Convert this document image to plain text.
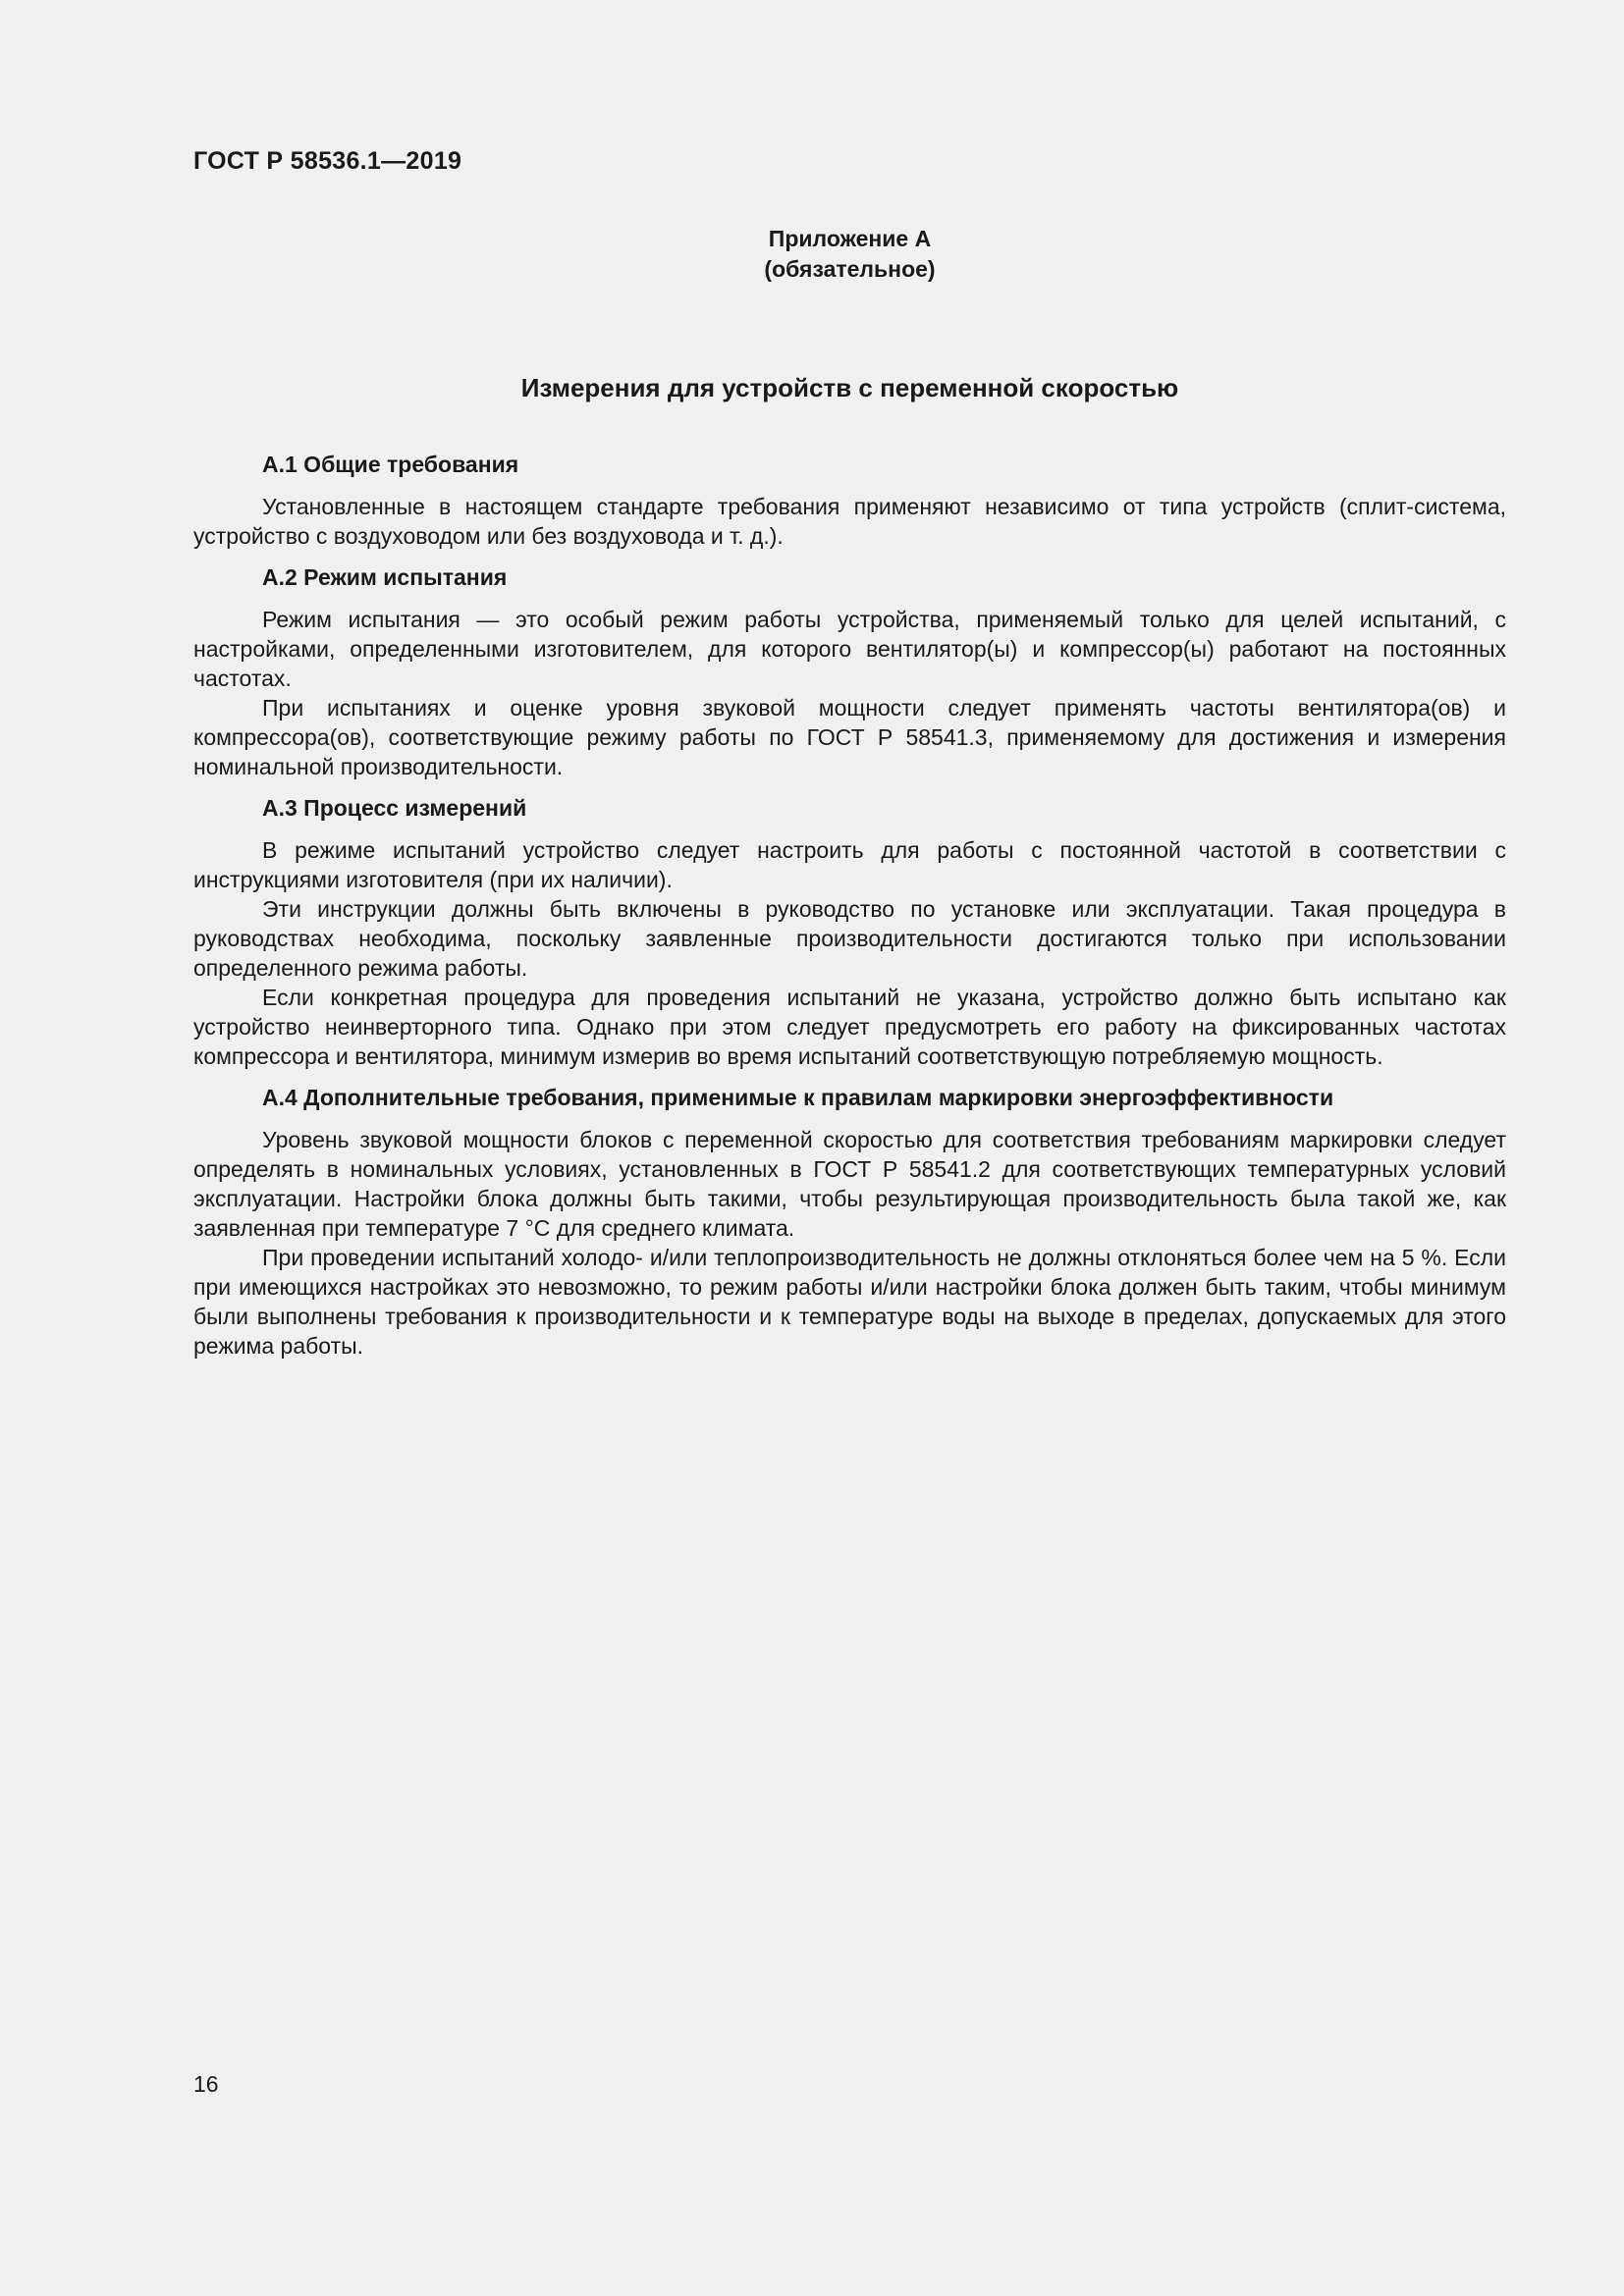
ГОСТ Р 58536.1—2019
Приложение А
(обязательное)
Измерения для устройств с переменной скоростью
А.1 Общие требования

Установленные в настоящем стандарте требования применяют независимо от типа устройств (сплит-система, устройство с воздуховодом или без воздуховода и т. д.).

А.2 Режим испытания

Режим испытания — это особый режим работы устройства, применяемый только для целей испытаний, с настройками, определенными изготовителем, для которого вентилятор(ы) и компрессор(ы) работают на постоянных частотах.

При испытаниях и оценке уровня звуковой мощности следует применять частоты вентилятора(ов) и компрессора(ов), соответствующие режиму работы по ГОСТ Р 58541.3, применяемому для достижения и измерения номинальной производительности.

А.3 Процесс измерений

В режиме испытаний устройство следует настроить для работы с постоянной частотой в соответствии с инструкциями изготовителя (при их наличии).

Эти инструкции должны быть включены в руководство по установке или эксплуатации. Такая процедура в руководствах необходима, поскольку заявленные производительности достигаются только при использовании определенного режима работы.

Если конкретная процедура для проведения испытаний не указана, устройство должно быть испытано как устройство неинверторного типа. Однако при этом следует предусмотреть его работу на фиксированных частотах компрессора и вентилятора, минимум измерив во время испытаний соответствующую потребляемую мощность.

А.4 Дополнительные требования, применимые к правилам маркировки энергоэффективности

Уровень звуковой мощности блоков с переменной скоростью для соответствия требованиям маркировки следует определять в номинальных условиях, установленных в ГОСТ Р 58541.2 для соответствующих температурных условий эксплуатации. Настройки блока должны быть такими, чтобы результирующая производительность была такой же, как заявленная при температуре 7 °С для среднего климата.

При проведении испытаний холодо- и/или теплопроизводительность не должны отклоняться более чем на 5 %. Если при имеющихся настройках это невозможно, то режим работы и/или настройки блока должен быть таким, чтобы минимум были выполнены требования к производительности и к температуре воды на выходе в пределах, допускаемых для этого режима работы.

16
